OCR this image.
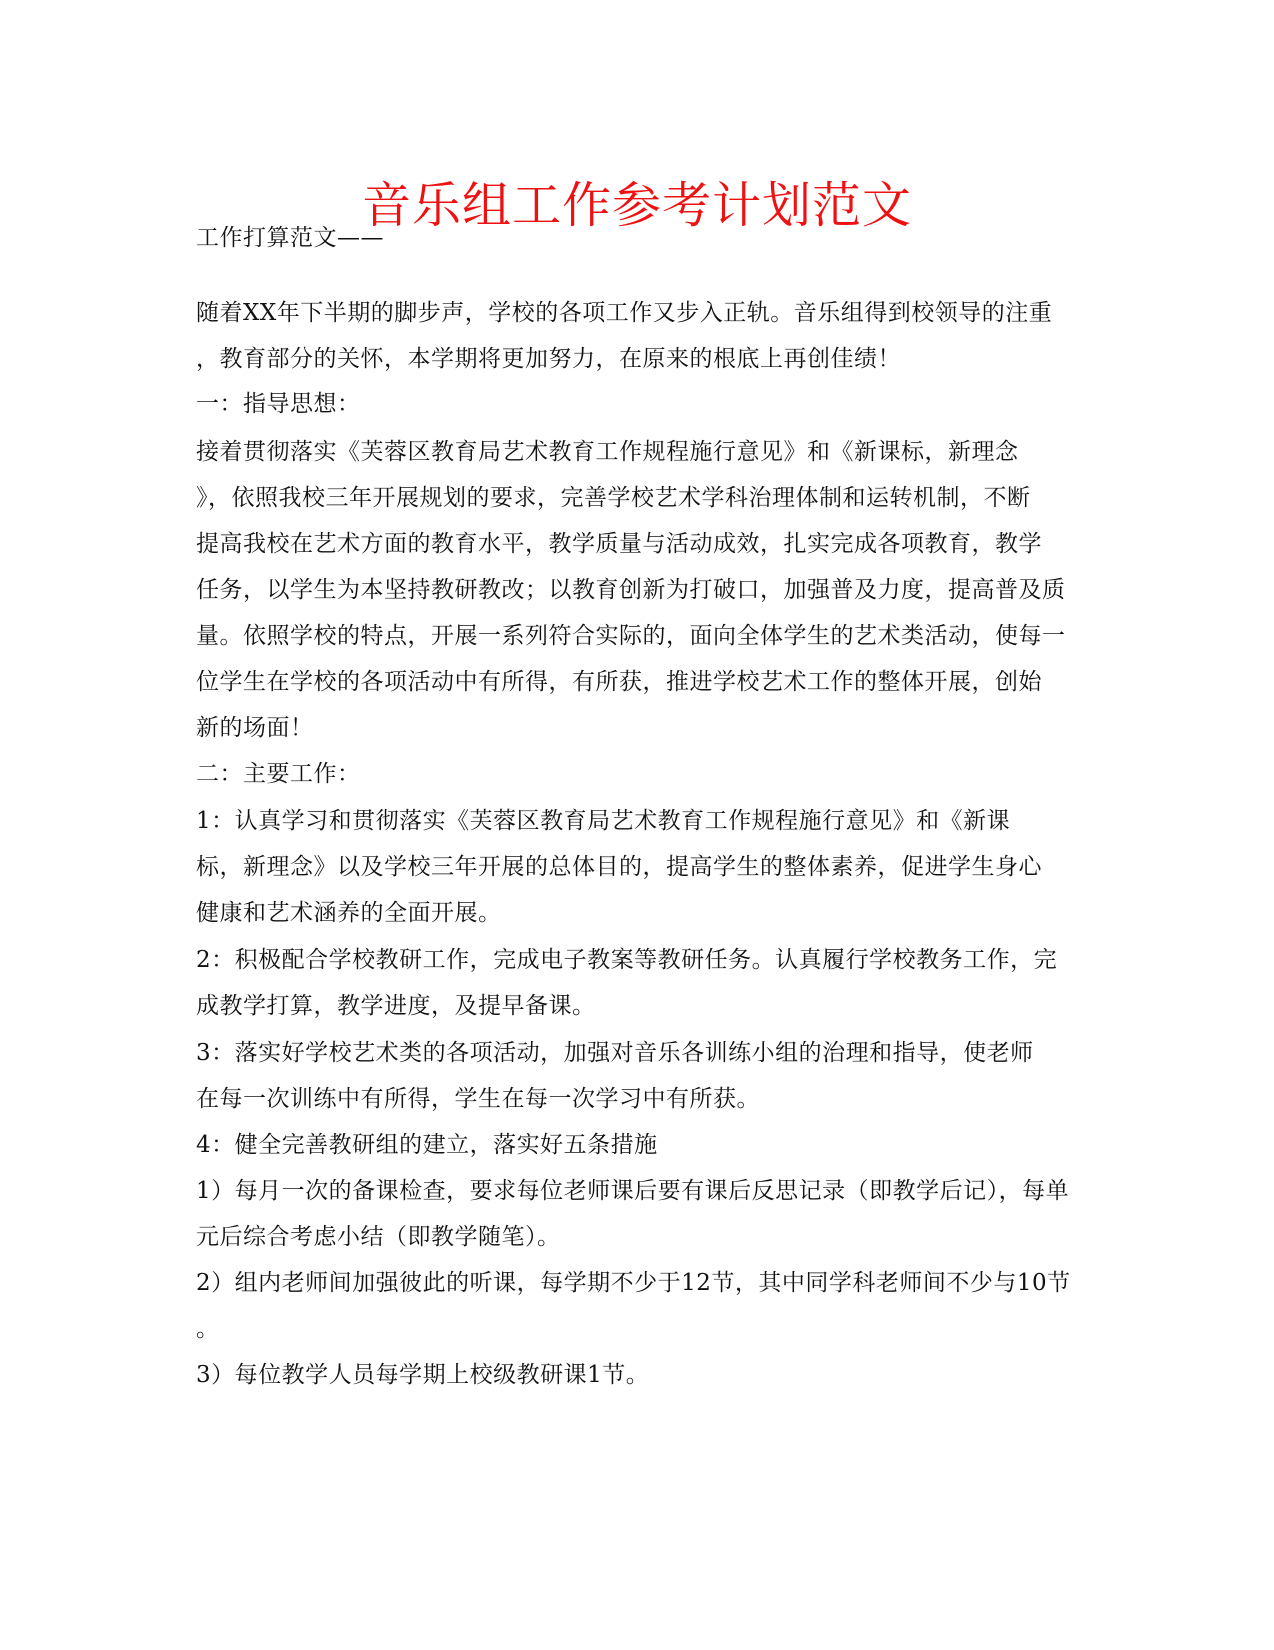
音乐组工作参考计划范文
工作打算范文——
随着XX年下半期的脚步声，学校的各项工作又步入正轨。音乐组得到校领导的注重
，教育部分的关怀，本学期将更加努力，在原来的根底上再创佳绩！
一：指导思想：
接着贯彻落实《芙蓉区教育局艺术教育工作规程施行意见》和《新课标，新理念
》，依照我校三年开展规划的要求，完善学校艺术学科治理体制和运转机制，不断
提高我校在艺术方面的教育水平，教学质量与活动成效，扎实完成各项教育，教学
任务，以学生为本坚持教研教改；以教育创新为打破口，加强普及力度，提高普及质
量。依照学校的特点，开展一系列符合实际的，面向全体学生的艺术类活动，使每一
位学生在学校的各项活动中有所得，有所获，推进学校艺术工作的整体开展，创始
新的场面！
二：主要工作：
1：认真学习和贯彻落实《芙蓉区教育局艺术教育工作规程施行意见》和《新课
标，新理念》以及学校三年开展的总体目的，提高学生的整体素养，促进学生身心
健康和艺术涵养的全面开展。
2：积极配合学校教研工作，完成电子教案等教研任务。认真履行学校教务工作，完
成教学打算，教学进度，及提早备课。
3：落实好学校艺术类的各项活动，加强对音乐各训练小组的治理和指导，使老师
在每一次训练中有所得，学生在每一次学习中有所获。
4：健全完善教研组的建立，落实好五条措施
1）每月一次的备课检查，要求每位老师课后要有课后反思记录（即教学后记），每单
元后综合考虑小结（即教学随笔）。
2）组内老师间加强彼此的听课，每学期不少于12节，其中同学科老师间不少与10节
。
3）每位教学人员每学期上校级教研课1节。
